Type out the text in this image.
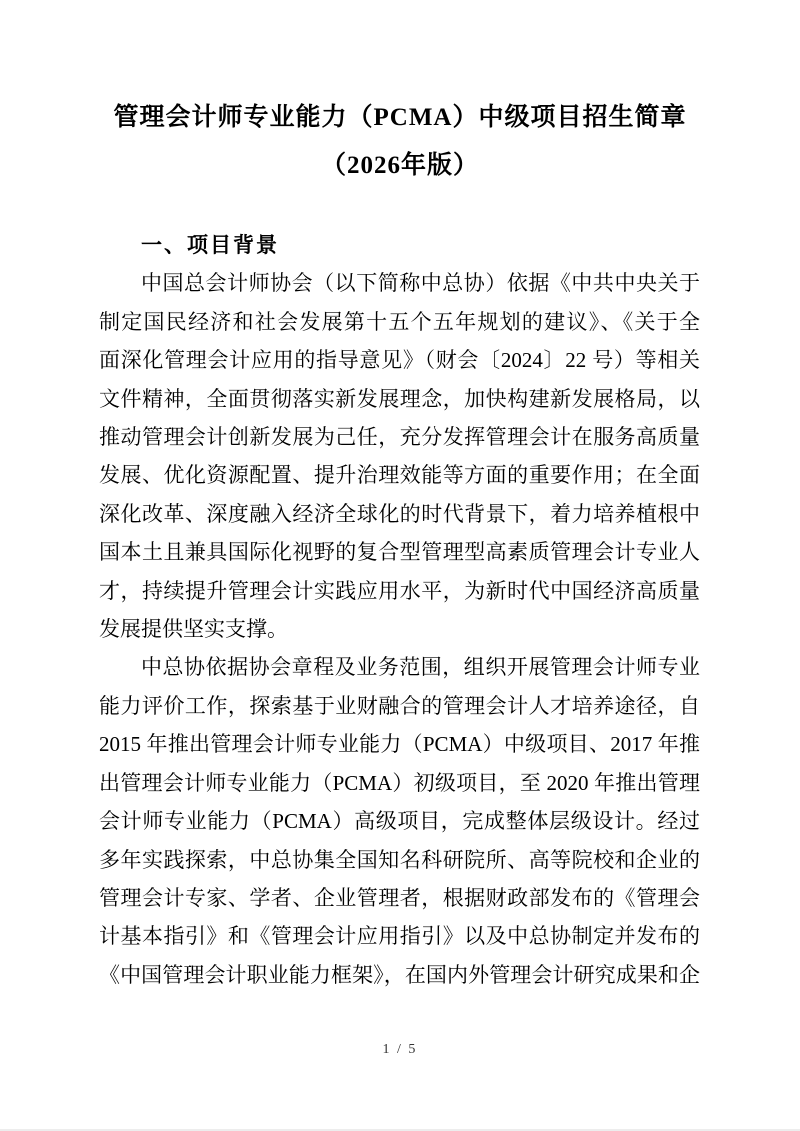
管理会计师专业能力（PCMA）中级项目招生简章
（2026年版）
一、项目背景
中国总会计师协会（以下简称中总协）依据《中共中央关于
制定国民经济和社会发展第十五个五年规划的建议》、《关于全
面深化管理会计应用的指导意见》（财会〔2024〕22 号）等相关
文件精神，全面贯彻落实新发展理念，加快构建新发展格局，以
推动管理会计创新发展为己任，充分发挥管理会计在服务高质量
发展、优化资源配置、提升治理效能等方面的重要作用；在全面
深化改革、深度融入经济全球化的时代背景下，着力培养植根中
国本土且兼具国际化视野的复合型管理型高素质管理会计专业人
才，持续提升管理会计实践应用水平，为新时代中国经济高质量
发展提供坚实支撑。
中总协依据协会章程及业务范围，组织开展管理会计师专业
能力评价工作，探索基于业财融合的管理会计人才培养途径，自
2015 年推出管理会计师专业能力（PCMA）中级项目、2017 年推
出管理会计师专业能力（PCMA）初级项目，至 2020 年推出管理
会计师专业能力（PCMA）高级项目，完成整体层级设计。经过
多年实践探索，中总协集全国知名科研院所、高等院校和企业的
管理会计专家、学者、企业管理者，根据财政部发布的《管理会
计基本指引》和《管理会计应用指引》以及中总协制定并发布的
《中国管理会计职业能力框架》，在国内外管理会计研究成果和企
1 / 5
